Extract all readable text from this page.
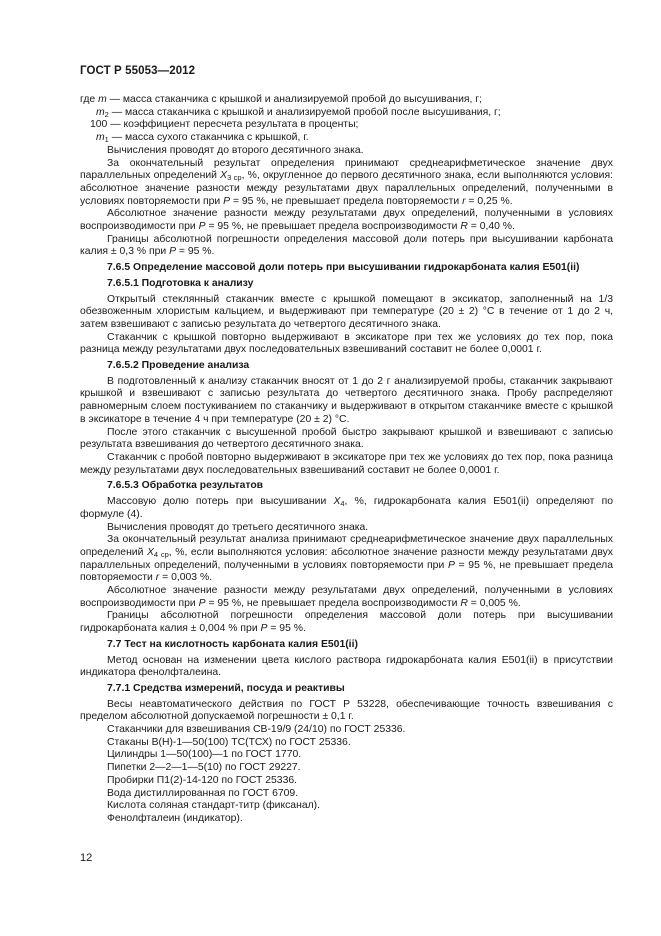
ГОСТ Р 55053—2012

где m — масса стаканчика с крышкой и анализируемой пробой до высушивания, г;

$m_2$ — масса стаканчика с крышкой и анализируемой пробой после высушивания, г;

100 — коэффициент пересчета результата в проценты;

$m_1$ — масса сухого стаканчика с крышкой, г.

Вычисления проводят до второго десятичного знака.

За окончательный результат определения принимают среднеарифметическое значение двух параллельных определений $X_{3 ср}$, %, округленное до первого десятичного знака, если выполняются условия: абсолютное значение разности между результатами двух параллельных определений, полученными в условиях повторяемости при P = 95 %, не превышает предела повторяемости r = 0,25 %.

Абсолютное значение разности между результатами двух определений, полученными в условиях воспроизводимости при P = 95 %, не превышает предела воспроизводимости R = 0,40 %.

Границы абсолютной погрешности определения массовой доли потерь при высушивании карбоната калия ± 0,3 % при P = 95 %.

7.6.5 Определение массовой доли потерь при высушивании гидрокарбоната калия Е501(ii)

7.6.5.1 Подготовка к анализу

Открытый стеклянный стаканчик вместе с крышкой помещают в эксикатор, заполненный на 1/3 обезвоженным хлористым кальцием, и выдерживают при температуре (20 ± 2) °С в течение от 1 до 2 ч, затем взвешивают с записью результата до четвертого десятичного знака.

Стаканчик с крышкой повторно выдерживают в эксикаторе при тех же условиях до тех пор, пока разница между результатами двух последовательных взвешиваний составит не более 0,0001 г.

7.6.5.2 Проведение анализа

В подготовленный к анализу стаканчик вносят от 1 до 2 г анализируемой пробы, стаканчик закрывают крышкой и взвешивают с записью результата до четвертого десятичного знака. Пробу распределяют равномерным слоем постукиванием по стаканчику и выдерживают в открытом стаканчике вместе с крышкой в эксикаторе в течение 4 ч при температуре (20 ± 2) °С.

После этого стаканчик с высушенной пробой быстро закрывают крышкой и взвешивают с записью результата взвешивания до четвертого десятичного знака.

Стаканчик с пробой повторно выдерживают в эксикаторе при тех же условиях до тех пор, пока разница между результатами двух последовательных взвешиваний составит не более 0,0001 г.

7.6.5.3 Обработка результатов

Массовую долю потерь при высушивании $X_4$, %, гидрокарбоната калия Е501(ii) определяют по формуле (4).

Вычисления проводят до третьего десятичного знака.

За окончательный результат анализа принимают среднеарифметическое значение двух параллельных определений $X_{4 ср}$, %, если выполняются условия: абсолютное значение разности между результатами двух параллельных определений, полученными в условиях повторяемости при P = 95 %, не превышает предела повторяемости r = 0,003 %.

Абсолютное значение разности между результатами двух определений, полученными в условиях воспроизводимости при P = 95 %, не превышает предела воспроизводимости R = 0,005 %.

Границы абсолютной погрешности определения массовой доли потерь при высушивании гидрокарбоната калия ± 0,004 % при P = 95 %.

7.7 Тест на кислотность карбоната калия Е501(ii)

Метод основан на изменении цвета кислого раствора гидрокарбоната калия Е501(ii) в присутствии индикатора фенолфталеина.

7.7.1 Средства измерений, посуда и реактивы

Весы неавтоматического действия по ГОСТ Р 53228, обеспечивающие точность взвешивания с пределом абсолютной допускаемой погрешности ± 0,1 г.

Стаканчики для взвешивания СВ-19/9 (24/10) по ГОСТ 25336.

Стаканы В(Н)-1—50(100) ТС(ТСХ) по ГОСТ 25336.

Цилиндры 1—50(100)—1 по ГОСТ 1770.

Пипетки 2—2—1—5(10) по ГОСТ 29227.

Пробирки П1(2)-14-120 по ГОСТ 25336.

Вода дистиллированная по ГОСТ 6709.

Кислота соляная стандарт-титр (фиксанал).

Фенолфталеин (индикатор).

12
